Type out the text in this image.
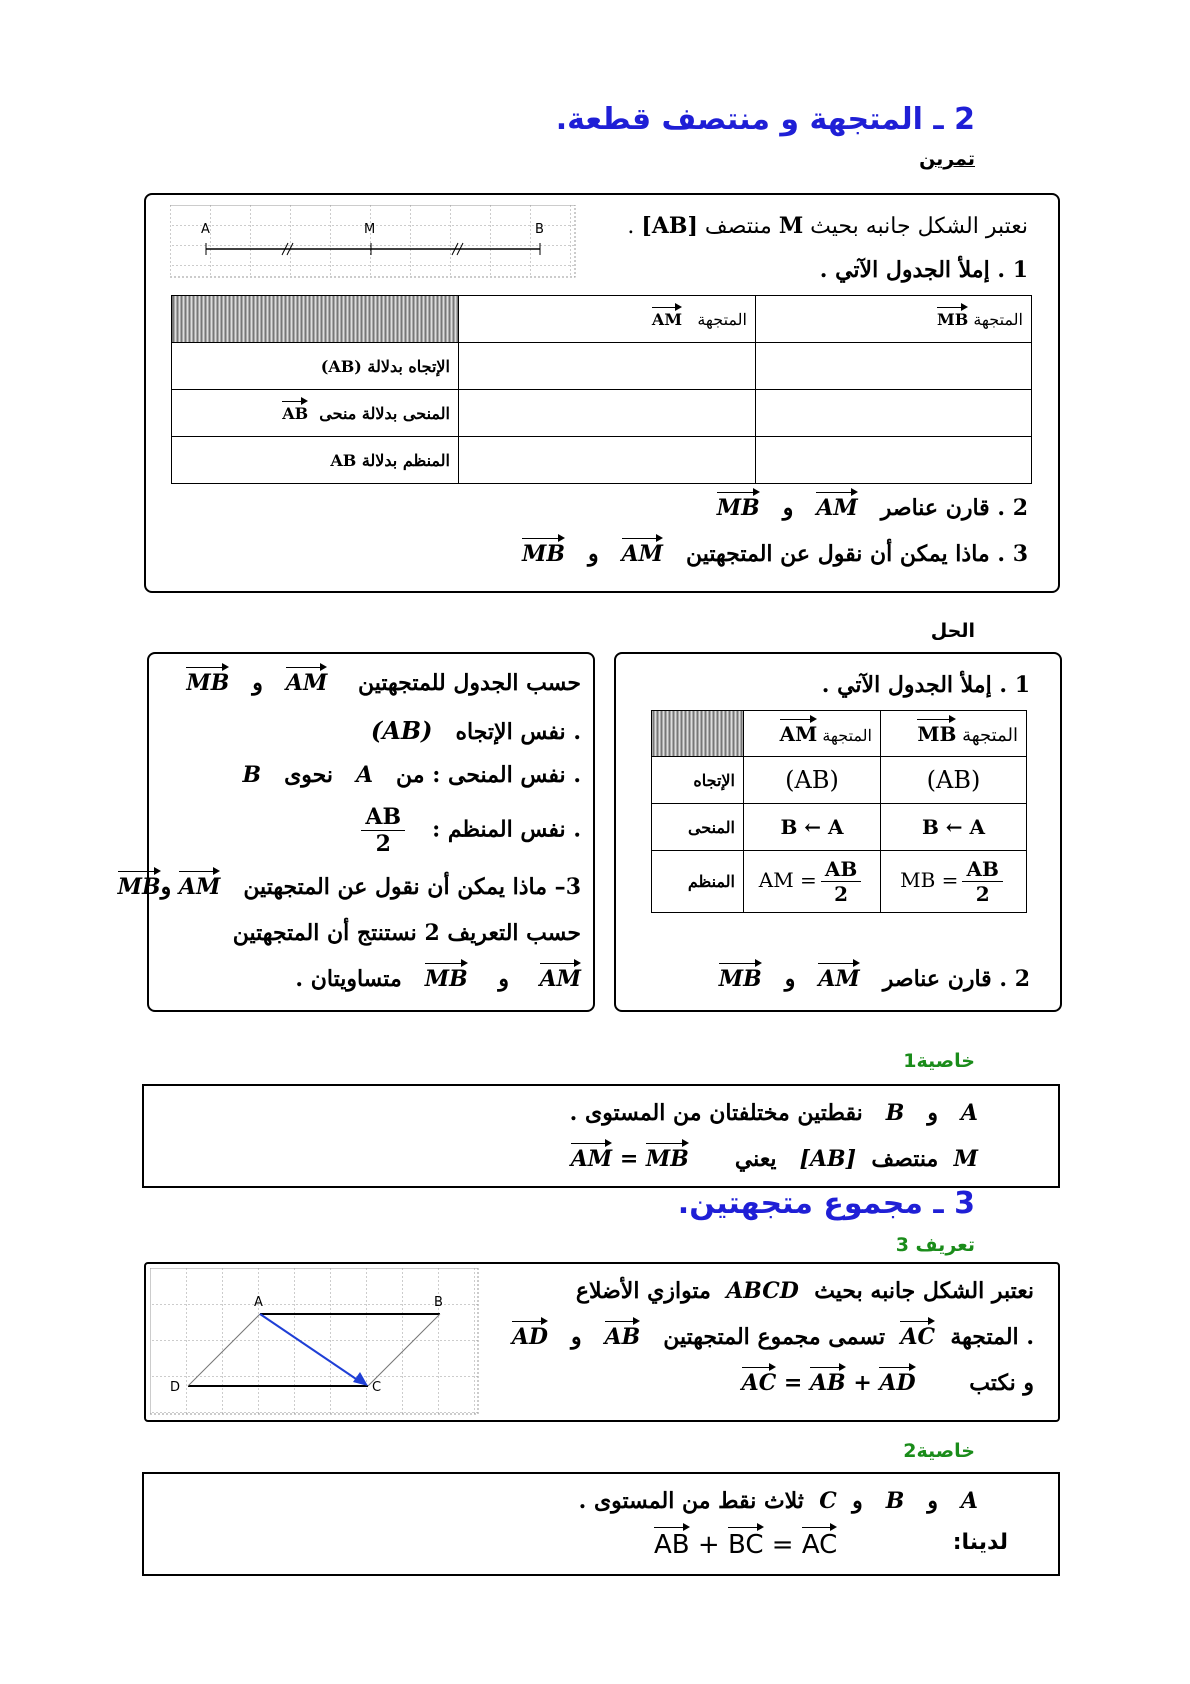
2 ـ المتجهة و منتصف قطعة.
تمرين
A	M	B	نعتبر الشكل جانبه بحيث M منتصف [AB] .
1 . إملأ الجدول الآتي .
	المتجهة   AM	المتجهة MB
الإتجاه بدلالة (AB)		
المنحى بدلالة منحى  AB		
المنظم بدلالة AB		
2 . قارن عناصر   AM   و   MB
3 . ماذا يمكن أن نقول عن المتجهتين   AM   و   MB
الحل
1 . إملأ الجدول الآتي .
	المتجهة AM	المتجهة MB
الإتجاه	(AB)	(AB)
المنحى	B ← A	B ← A
المنظم	AM = $\frac{AB}{2}$	MB = $\frac{AB}{2}$
2 . قارن عناصر   AM   و   MB
حسب الجدول للمتجهتين    AM   و   MB
. نفس الإتجاه   (AB)
. نفس المنحى : من   A   نحوى   B
. نفس المنظم :
$\frac{AB}{2}$
3– ماذا يمكن أن نقول عن المتجهتين   AM وMB
حسب التعريف 2 نستنتج أن المتجهتين
AM    و    MB   متساويتان .
خاصية1
A   و   B   نقطتين مختلفتان من المستوى .
M  منتصف  [AB]   يعني      AM = MB
3 ـ مجموع متجهتين.
تعريف 3
A	B
C
D
نعتبر الشكل جانبه بحيث  ABCD  متوازي الأضلاع
. المتجهة  AC  تسمى مجموع المتجهتين   AB   و   AD
و نكتب       AC = AB + AD
خاصية2
A   و   B   و  C  ثلاث نقط من المستوى .
لدينا:
AB + BC = AC
